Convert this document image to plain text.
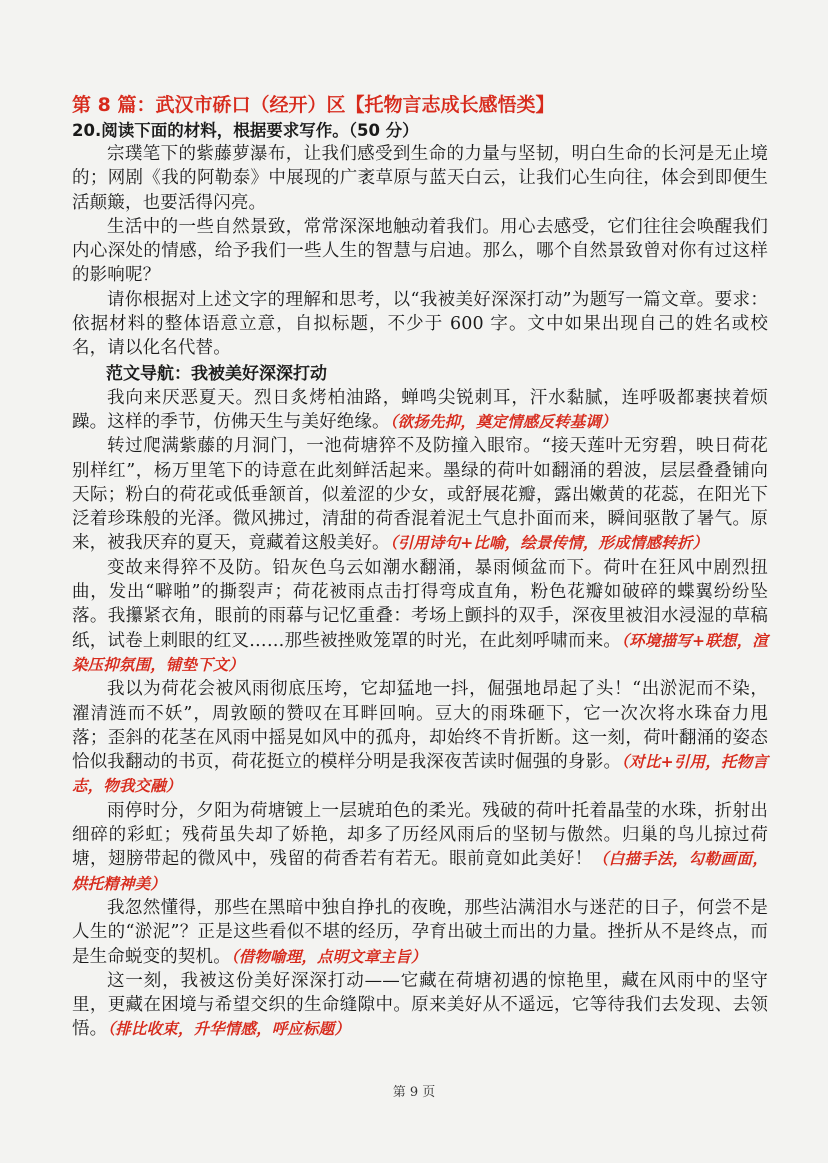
第 8 篇：武汉市硚口（经开）区【托物言志成长感悟类】
20.阅读下面的材料，根据要求写作。（50 分）

宗璞笔下的紫藤萝瀑布，让我们感受到生命的力量与坚韧，明白生命的长河是无止境的；网剧《我的阿勒泰》中展现的广袤草原与蓝天白云，让我们心生向往，体会到即便生活颠簸，也要活得闪亮。

生活中的一些自然景致，常常深深地触动着我们。用心去感受，它们往往会唤醒我们内心深处的情感，给予我们一些人生的智慧与启迪。那么，哪个自然景致曾对你有过这样的影响呢？

请你根据对上述文字的理解和思考，以“我被美好深深打动”为题写一篇文章。要求：依据材料的整体语意立意，自拟标题，不少于 600 字。文中如果出现自己的姓名或校名，请以化名代替。

范文导航：我被美好深深打动

我向来厌恶夏天。烈日炙烤柏油路，蝉鸣尖锐刺耳，汗水黏腻，连呼吸都裹挟着烦躁。这样的季节，仿佛天生与美好绝缘。（欲扬先抑，奠定情感反转基调）

转过爬满紫藤的月洞门，一池荷塘猝不及防撞入眼帘。“接天莲叶无穷碧，映日荷花别样红”，杨万里笔下的诗意在此刻鲜活起来。墨绿的荷叶如翻涌的碧波，层层叠叠铺向天际；粉白的荷花或低垂颔首，似羞涩的少女，或舒展花瓣，露出嫩黄的花蕊，在阳光下泛着珍珠般的光泽。微风拂过，清甜的荷香混着泥土气息扑面而来，瞬间驱散了暑气。原来，被我厌弃的夏天，竟藏着这般美好。（引用诗句+比喻，绘景传情，形成情感转折）

变故来得猝不及防。铅灰色乌云如潮水翻涌，暴雨倾盆而下。荷叶在狂风中剧烈扭曲，发出“噼啪”的撕裂声；荷花被雨点击打得弯成直角，粉色花瓣如破碎的蝶翼纷纷坠落。我攥紧衣角，眼前的雨幕与记忆重叠：考场上颤抖的双手，深夜里被泪水浸湿的草稿纸，试卷上刺眼的红叉……那些被挫败笼罩的时光，在此刻呼啸而来。（环境描写+联想，渲染压抑氛围，铺垫下文）

我以为荷花会被风雨彻底压垮，它却猛地一抖，倔强地昂起了头！“出淤泥而不染，濯清涟而不妖”，周敦颐的赞叹在耳畔回响。豆大的雨珠砸下，它一次次将水珠奋力甩落；歪斜的花茎在风雨中摇晃如风中的孤舟，却始终不肯折断。这一刻，荷叶翻涌的姿态恰似我翻动的书页，荷花挺立的模样分明是我深夜苦读时倔强的身影。（对比+引用，托物言志，物我交融）

雨停时分，夕阳为荷塘镀上一层琥珀色的柔光。残破的荷叶托着晶莹的水珠，折射出细碎的彩虹；残荷虽失却了娇艳，却多了历经风雨后的坚韧与傲然。归巢的鸟儿掠过荷塘，翅膀带起的微风中，残留的荷香若有若无。眼前竟如此美好！（白描手法，勾勒画面，烘托精神美）

我忽然懂得，那些在黑暗中独自挣扎的夜晚，那些沾满泪水与迷茫的日子，何尝不是人生的“淤泥”？正是这些看似不堪的经历，孕育出破土而出的力量。挫折从不是终点，而是生命蜕变的契机。（借物喻理，点明文章主旨）

这一刻，我被这份美好深深打动——它藏在荷塘初遇的惊艳里，藏在风雨中的坚守里，更藏在困境与希望交织的生命缝隙中。原来美好从不遥远，它等待我们去发现、去领悟。（排比收束，升华情感，呼应标题）

第 9 页
